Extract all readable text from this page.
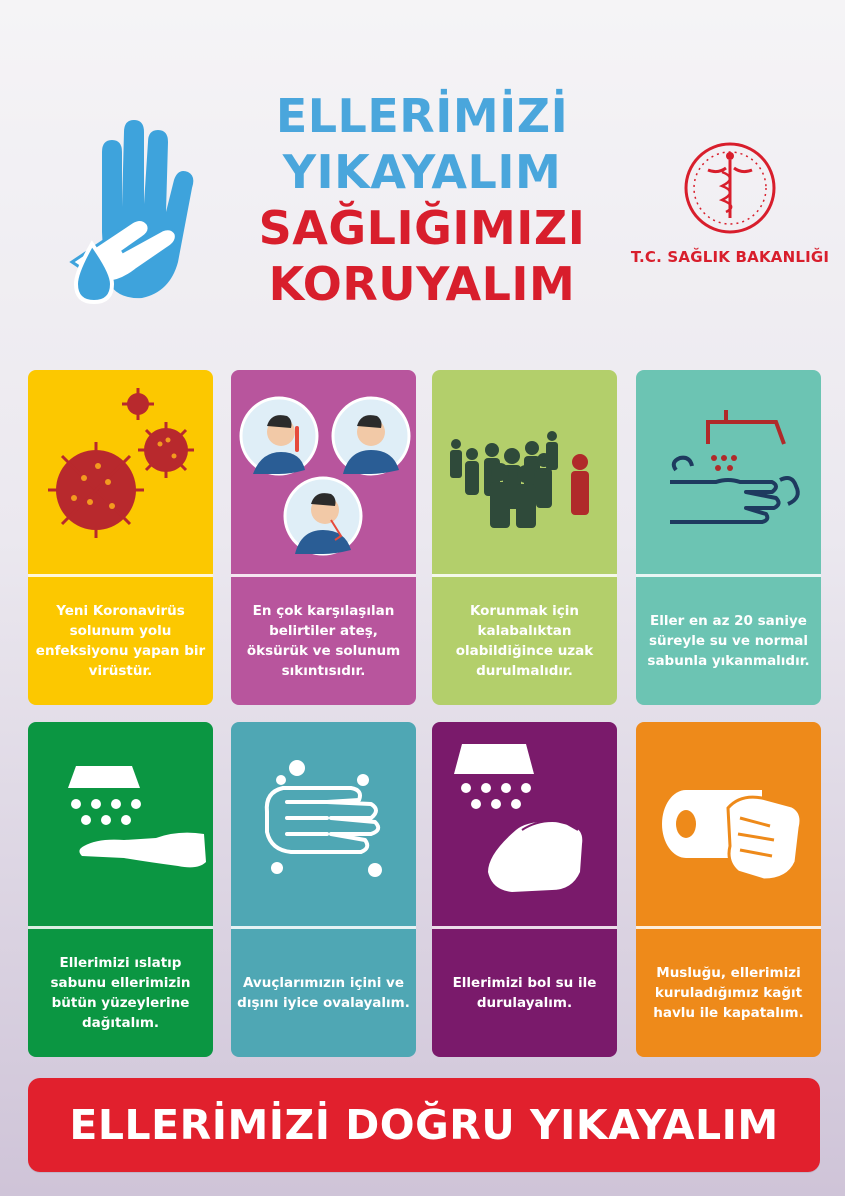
ELLERİMİZİ
YIKAYALIM
SAĞLIĞIMIZI
KORUYALIM	T.C. SAĞLIK BAKANLIĞI
Yeni Koronavirüs solunum yolu enfeksiyonu yapan bir virüstür.
En çok karşılaşılan belirtiler ateş, öksürük ve solunum sıkıntısıdır.
Korunmak için kalabalıktan olabildiğince uzak durulmalıdır.
Eller en az 20 saniye süreyle su ve normal sabunla yıkanmalıdır.
Ellerimizi ıslatıp sabunu ellerimizin bütün yüzeylerine dağıtalım.
Avuçlarımızın içini ve dışını iyice ovalayalım.
Ellerimizi bol su ile durulayalım.
Musluğu, ellerimizi kuruladığımız kağıt havlu ile kapatalım.
ELLERİMİZİ DOĞRU YIKAYALIM
